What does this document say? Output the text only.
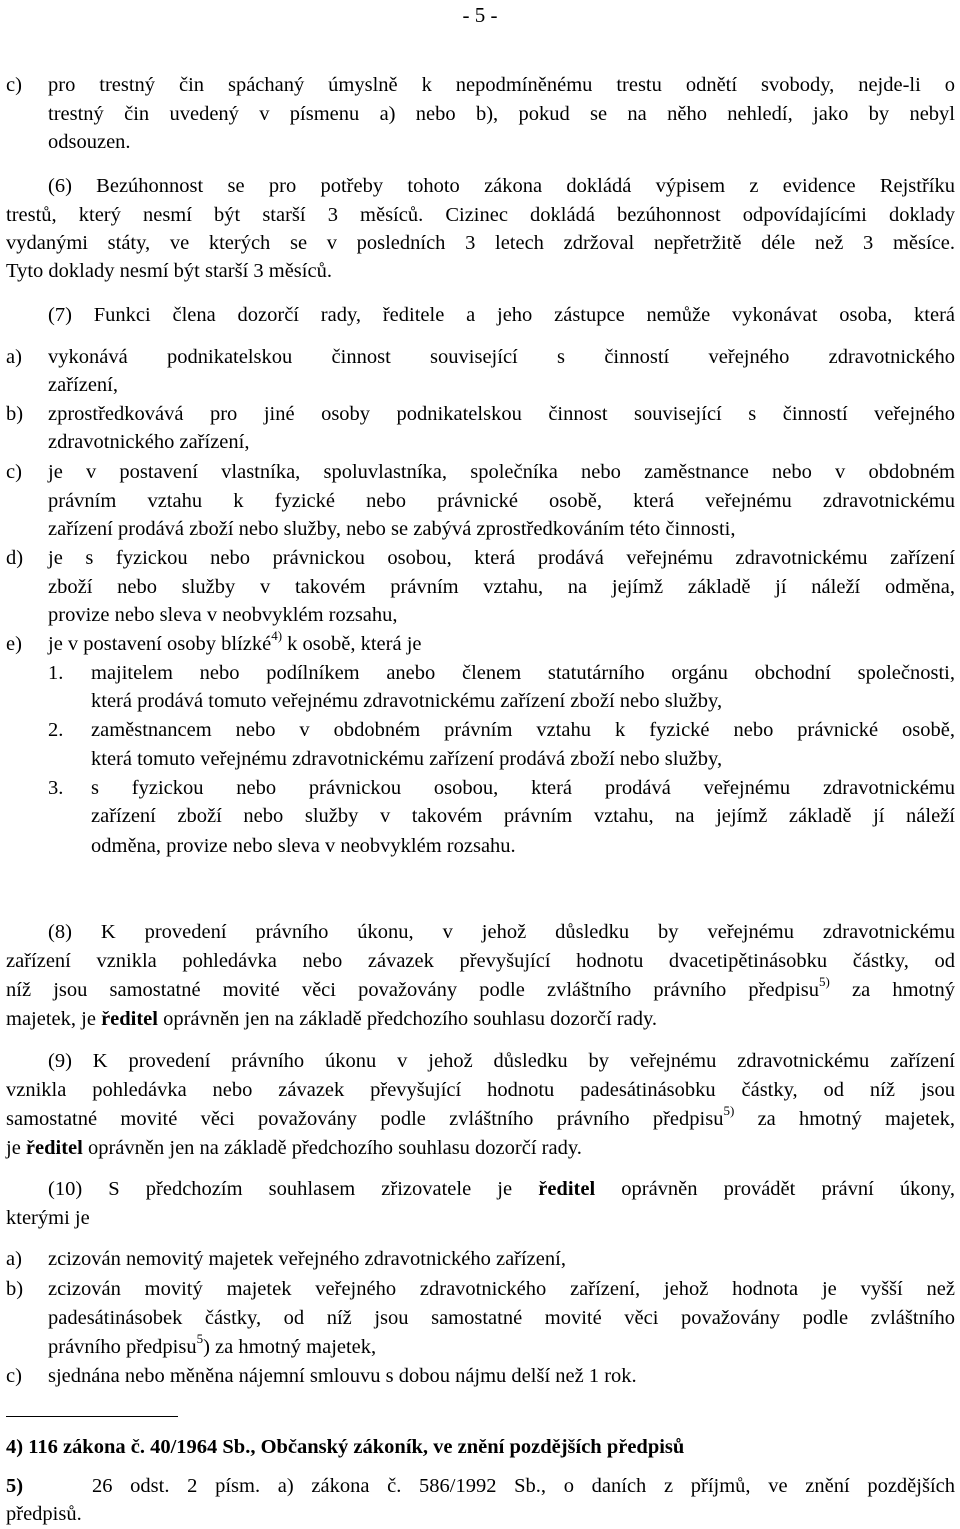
- 5 -
c) pro trestný čin spáchaný úmyslně k nepodmíněnému trestu odnětí svobody, nejde-li o
trestný čin uvedený v písmenu a) nebo b), pokud se na něho nehledí, jako by nebyl
odsouzen.
(6) Bezúhonnost se pro potřeby tohoto zákona dokládá výpisem z evidence Rejstříku
trestů, který nesmí být starší 3 měsíců. Cizinec dokládá bezúhonnost odpovídajícími doklady
vydanými státy, ve kterých se v posledních 3 letech zdržoval nepřetržitě déle než 3 měsíce.
Tyto doklady nesmí být starší 3 měsíců.
(7) Funkci člena dozorčí rady, ředitele a jeho zástupce nemůže vykonávat osoba, která
a) vykonává podnikatelskou činnost související s činností veřejného zdravotnického
zařízení,
b) zprostředkovává pro jiné osoby podnikatelskou činnost související s činností veřejného
zdravotnického zařízení,
c) je v postavení vlastníka, spoluvlastníka, společníka nebo zaměstnance nebo v obdobném
právním vztahu k fyzické nebo právnické osobě, která veřejnému zdravotnickému
zařízení prodává zboží nebo služby, nebo se zabývá zprostředkováním této činnosti,
d) je s fyzickou nebo právnickou osobou, která prodává veřejnému zdravotnickému zařízení
zboží nebo služby v takovém právním vztahu, na jejímž základě jí náleží odměna,
provize nebo sleva v neobvyklém rozsahu,
e) je v postavení osoby blízké$^{4)}$ k osobě, která je
1. majitelem nebo podílníkem anebo členem statutárního orgánu obchodní společnosti,
která prodává tomuto veřejnému zdravotnickému zařízení zboží nebo služby,
2. zaměstnancem nebo v obdobném právním vztahu k fyzické nebo právnické osobě,
která tomuto veřejnému zdravotnickému zařízení prodává zboží nebo služby,
3. s fyzickou nebo právnickou osobou, která prodává veřejnému zdravotnickému
zařízení zboží nebo služby v takovém právním vztahu, na jejímž základě jí náleží
odměna, provize nebo sleva v neobvyklém rozsahu.
(8) K provedení právního úkonu, v jehož důsledku by veřejnému zdravotnickému
zařízení vznikla pohledávka nebo závazek převyšující hodnotu dvacetipětinásobku částky, od
níž jsou samostatné movité věci považovány podle zvláštního právního předpisu$^{5)}$ za hmotný
majetek, je ředitel oprávněn jen na základě předchozího souhlasu dozorčí rady.
(9) K provedení právního úkonu v jehož důsledku by veřejnému zdravotnickému zařízení
vznikla pohledávka nebo závazek převyšující hodnotu padesátinásobku částky, od níž jsou
samostatné movité věci považovány podle zvláštního právního předpisu$^{5)}$ za hmotný majetek,
je ředitel oprávněn jen na základě předchozího souhlasu dozorčí rady.
(10) S předchozím souhlasem zřizovatele je ředitel oprávněn provádět právní úkony,
kterými je
a) zcizován nemovitý majetek veřejného zdravotnického zařízení,
b) zcizován movitý majetek veřejného zdravotnického zařízení, jehož hodnota je vyšší než
padesátinásobek částky, od níž jsou samostatné movité věci považovány podle zvláštního
právního předpisu$^5$) za hmotný majetek,
c) sjednána nebo měněna nájemní smlouvu s dobou nájmu delší než 1 rok.
4) 116 zákona č. 40/1964 Sb., Občanský zákoník, ve znění pozdějších předpisů
5)	26 odst. 2 písm. a) zákona č. 586/1992 Sb., o daních z příjmů, ve znění pozdějších
předpisů.
